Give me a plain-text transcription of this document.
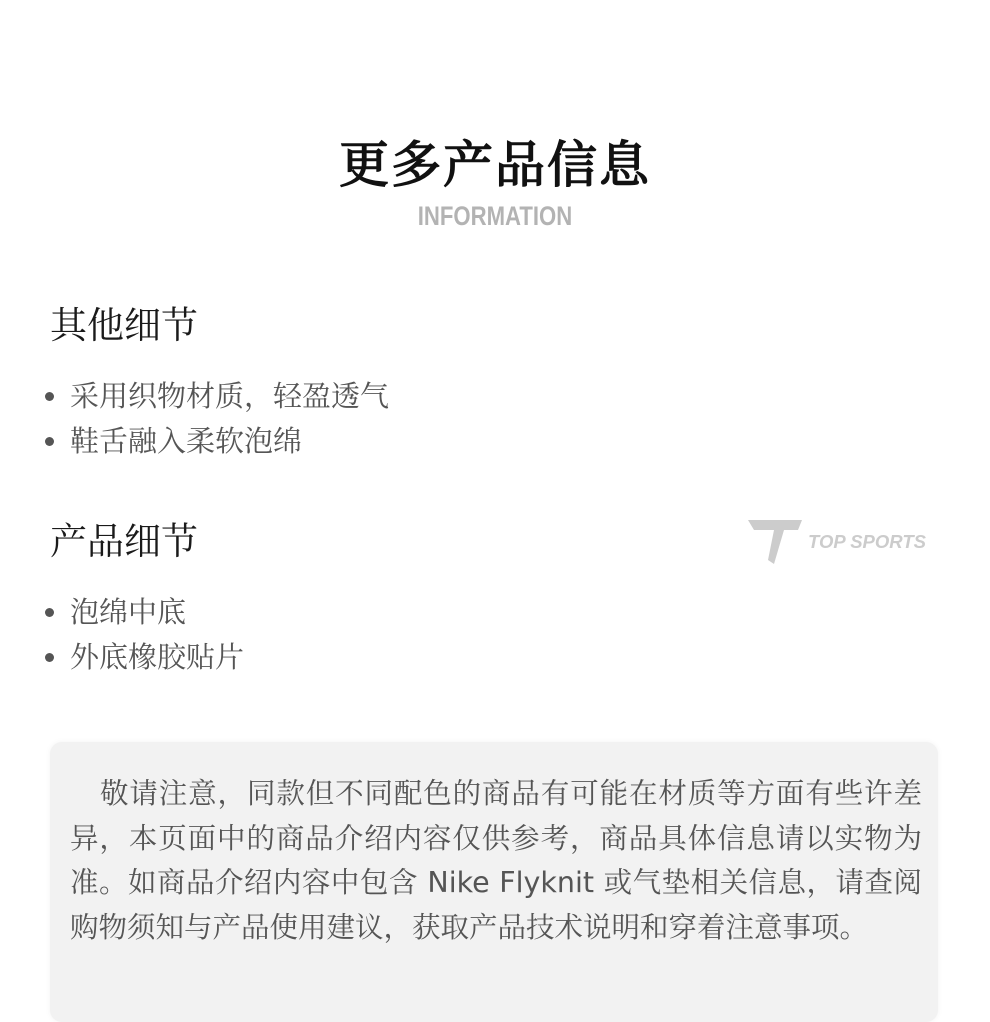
更多产品信息
INFORMATION
其他细节
采用织物材质，轻盈透气
鞋舌融入柔软泡绵
产品细节
泡绵中底
外底橡胶贴片
TOP SPORTS

敬请注意，同款但不同配色的商品有可能在材质等方面有些许差异，本页面中的商品介绍内容仅供参考，商品具体信息请以实物为准。如商品介绍内容中包含 Nike Flyknit 或气垫相关信息，请查阅购物须知与产品使用建议，获取产品技术说明和穿着注意事项。
